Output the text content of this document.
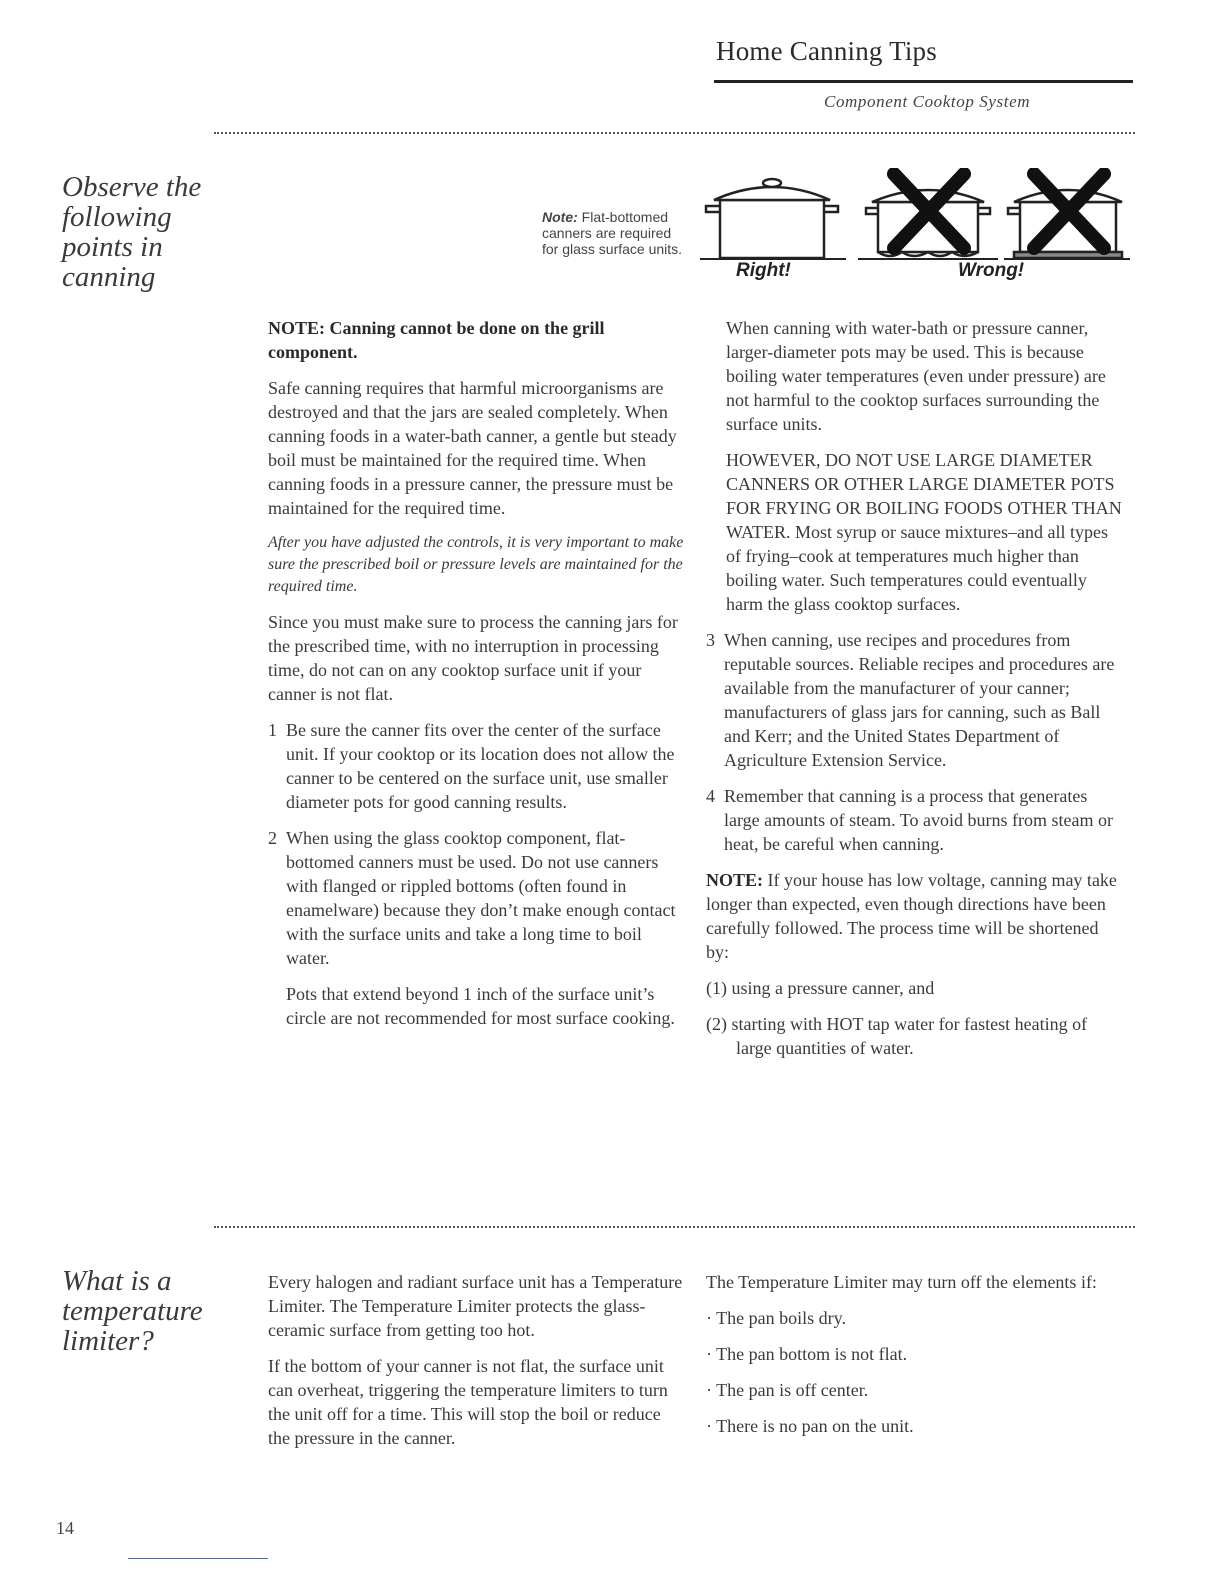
Home Canning Tips
Component Cooktop System
Observe the following points in canning
Note: Flat-bottomed canners are required for glass surface units.
Right!	Wrong!

NOTE: Canning cannot be done on the grill component.

Safe canning requires that harmful microorganisms are destroyed and that the jars are sealed completely. When canning foods in a water-bath canner, a gentle but steady boil must be maintained for the required time. When canning foods in a pressure canner, the pressure must be maintained for the required time.

After you have adjusted the controls, it is very important to make sure the prescribed boil or pressure levels are maintained for the required time.

Since you must make sure to process the canning jars for the prescribed time, with no interruption in processing time, do not can on any cooktop surface unit if your canner is not flat.

1 Be sure the canner fits over the center of the surface unit. If your cooktop or its location does not allow the canner to be centered on the surface unit, use smaller diameter pots for good canning results.
2 When using the glass cooktop component, flat-bottomed canners must be used. Do not use canners with flanged or rippled bottoms (often found in enamelware) because they don’t make enough contact with the surface units and take a long time to boil water.

Pots that extend beyond 1 inch of the surface unit’s circle are not recommended for most surface cooking.

When canning with water-bath or pressure canner, larger-diameter pots may be used. This is because boiling water temperatures (even under pressure) are not harmful to the cooktop surfaces surrounding the surface units.

HOWEVER, DO NOT USE LARGE DIAMETER CANNERS OR OTHER LARGE DIAMETER POTS FOR FRYING OR BOILING FOODS OTHER THAN WATER. Most syrup or sauce mixtures–and all types of frying–cook at temperatures much higher than boiling water. Such temperatures could eventually harm the glass cooktop surfaces.

3 When canning, use recipes and procedures from reputable sources. Reliable recipes and procedures are available from the manufacturer of your canner; manufacturers of glass jars for canning, such as Ball and Kerr; and the United States Department of Agriculture Extension Service.
4 Remember that canning is a process that generates large amounts of steam. To avoid burns from steam or heat, be careful when canning.

NOTE: If your house has low voltage, canning may take longer than expected, even though directions have been carefully followed. The process time will be shortened by:

(1) using a pressure canner, and

(2) starting with HOT tap water for fastest heating of large quantities of water.

What is a temperature limiter?

Every halogen and radiant surface unit has a Temperature Limiter. The Temperature Limiter protects the glass-ceramic surface from getting too hot.

If the bottom of your canner is not flat, the surface unit can overheat, triggering the temperature limiters to turn the unit off for a time. This will stop the boil or reduce the pressure in the canner.

The Temperature Limiter may turn off the elements if:

· The pan boils dry.

· The pan bottom is not flat.

· The pan is off center.

· There is no pan on the unit.

14
